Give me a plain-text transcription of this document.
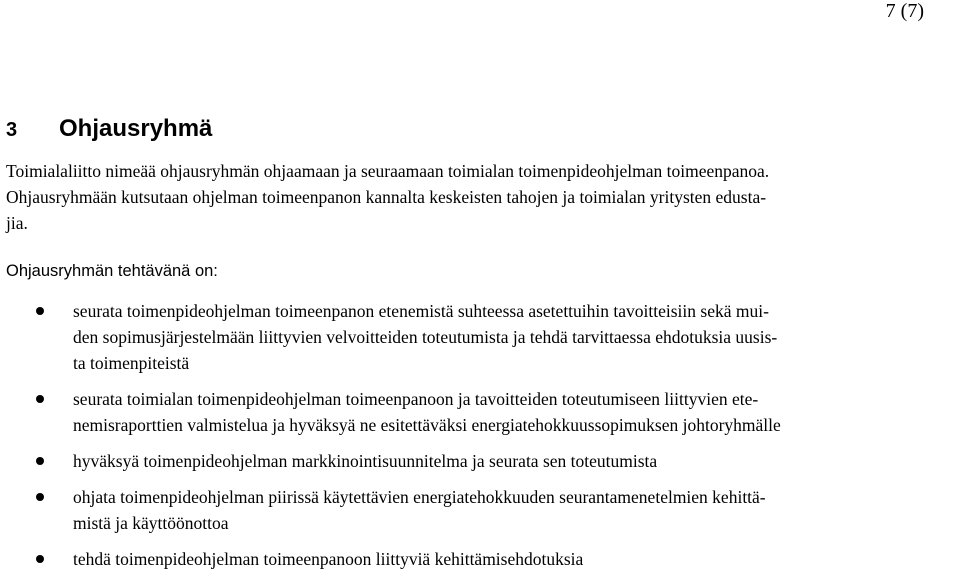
7 (7)
3 Ohjausryhmä
Toimialaliitto nimeää ohjausryhmän ohjaamaan ja seuraamaan toimialan toimenpideohjelman toimeenpanoa.
Ohjausryhmään kutsutaan ohjelman toimeenpanon kannalta keskeisten tahojen ja toimialan yritysten edusta-
jia.
Ohjausryhmän tehtävänä on:
seurata toimenpideohjelman toimeenpanon etenemistä suhteessa asetettuihin tavoitteisiin sekä mui-
den sopimusjärjestelmään liittyvien velvoitteiden toteutumista ja tehdä tarvittaessa ehdotuksia uusis-
ta toimenpiteistä
seurata toimialan toimenpideohjelman toimeenpanoon ja tavoitteiden toteutumiseen liittyvien ete-
nemisraporttien valmistelua ja hyväksyä ne esitettäväksi energiatehokkuussopimuksen johtoryhmälle
hyväksyä toimenpideohjelman markkinointisuunnitelma ja seurata sen toteutumista
ohjata toimenpideohjelman piirissä käytettävien energiatehokkuuden seurantamenetelmien kehittä-
mistä ja käyttöönottoa
tehdä toimenpideohjelman toimeenpanoon liittyviä kehittämisehdotuksia
